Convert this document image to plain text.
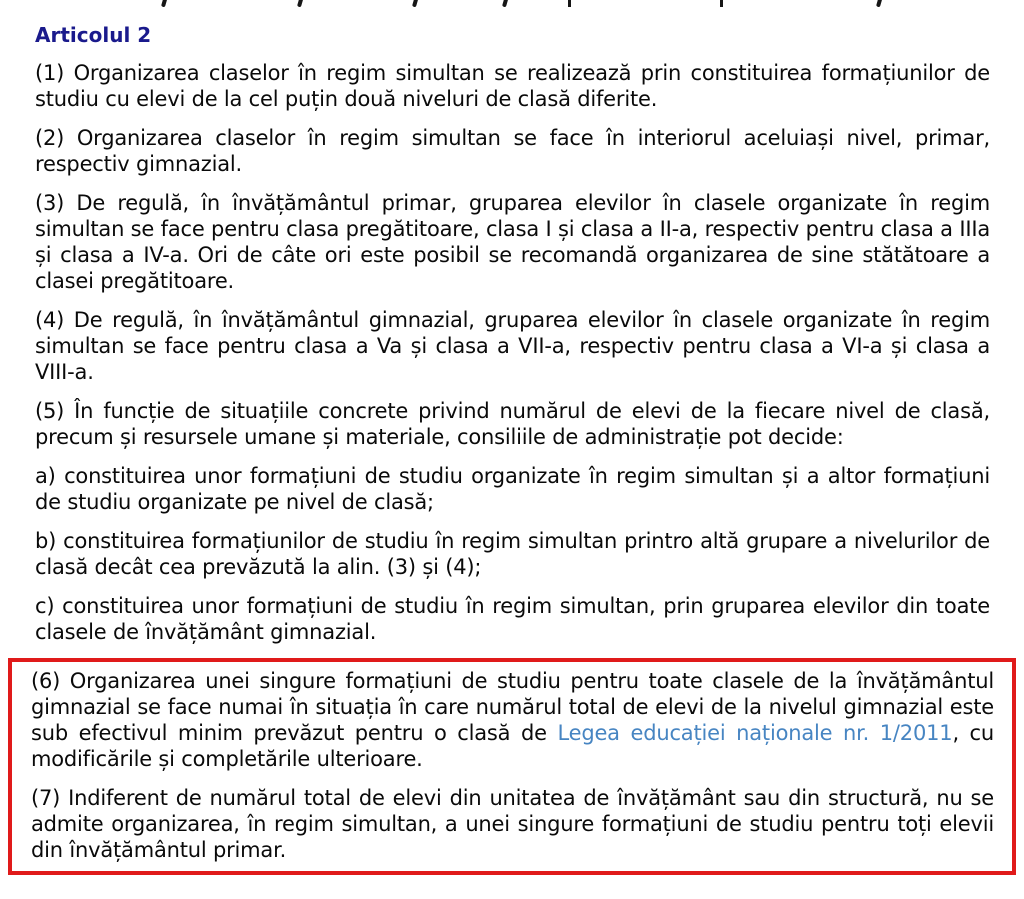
Articolul 2

(1) Organizarea claselor în regim simultan se realizează prin constituirea formațiunilor de studiu cu elevi de la cel puțin două niveluri de clasă diferite.

(2) Organizarea claselor în regim simultan se face în interiorul aceluiași nivel, primar, respectiv gimnazial.

(3) De regulă, în învățământul primar, gruparea elevilor în clasele organizate în regim simultan se face pentru clasa pregătitoare, clasa I și clasa a II-a, respectiv pentru clasa a IIIa și clasa a IV-a. Ori de câte ori este posibil se recomandă organizarea de sine stătătoare a clasei pregătitoare.

(4) De regulă, în învățământul gimnazial, gruparea elevilor în clasele organizate în regim simultan se face pentru clasa a Va și clasa a VII-a, respectiv pentru clasa a VI-a și clasa a VIII-a.

(5) În funcție de situațiile concrete privind numărul de elevi de la fiecare nivel de clasă, precum și resursele umane și materiale, consiliile de administrație pot decide:

a) constituirea unor formațiuni de studiu organizate în regim simultan și a altor formațiuni de studiu organizate pe nivel de clasă;

b) constituirea formațiunilor de studiu în regim simultan printro altă grupare a nivelurilor de clasă decât cea prevăzută la alin. (3) și (4);

c) constituirea unor formațiuni de studiu în regim simultan, prin gruparea elevilor din toate clasele de învățământ gimnazial.

(6) Organizarea unei singure formațiuni de studiu pentru toate clasele de la învățământul gimnazial se face numai în situația în care numărul total de elevi de la nivelul gimnazial este sub efectivul minim prevăzut pentru o clasă de Legea educației naționale nr. 1/2011, cu modificările și completările ulterioare.

(7) Indiferent de numărul total de elevi din unitatea de învățământ sau din structură, nu se admite organizarea, în regim simultan, a unei singure formațiuni de studiu pentru toți elevii din învățământul primar.
